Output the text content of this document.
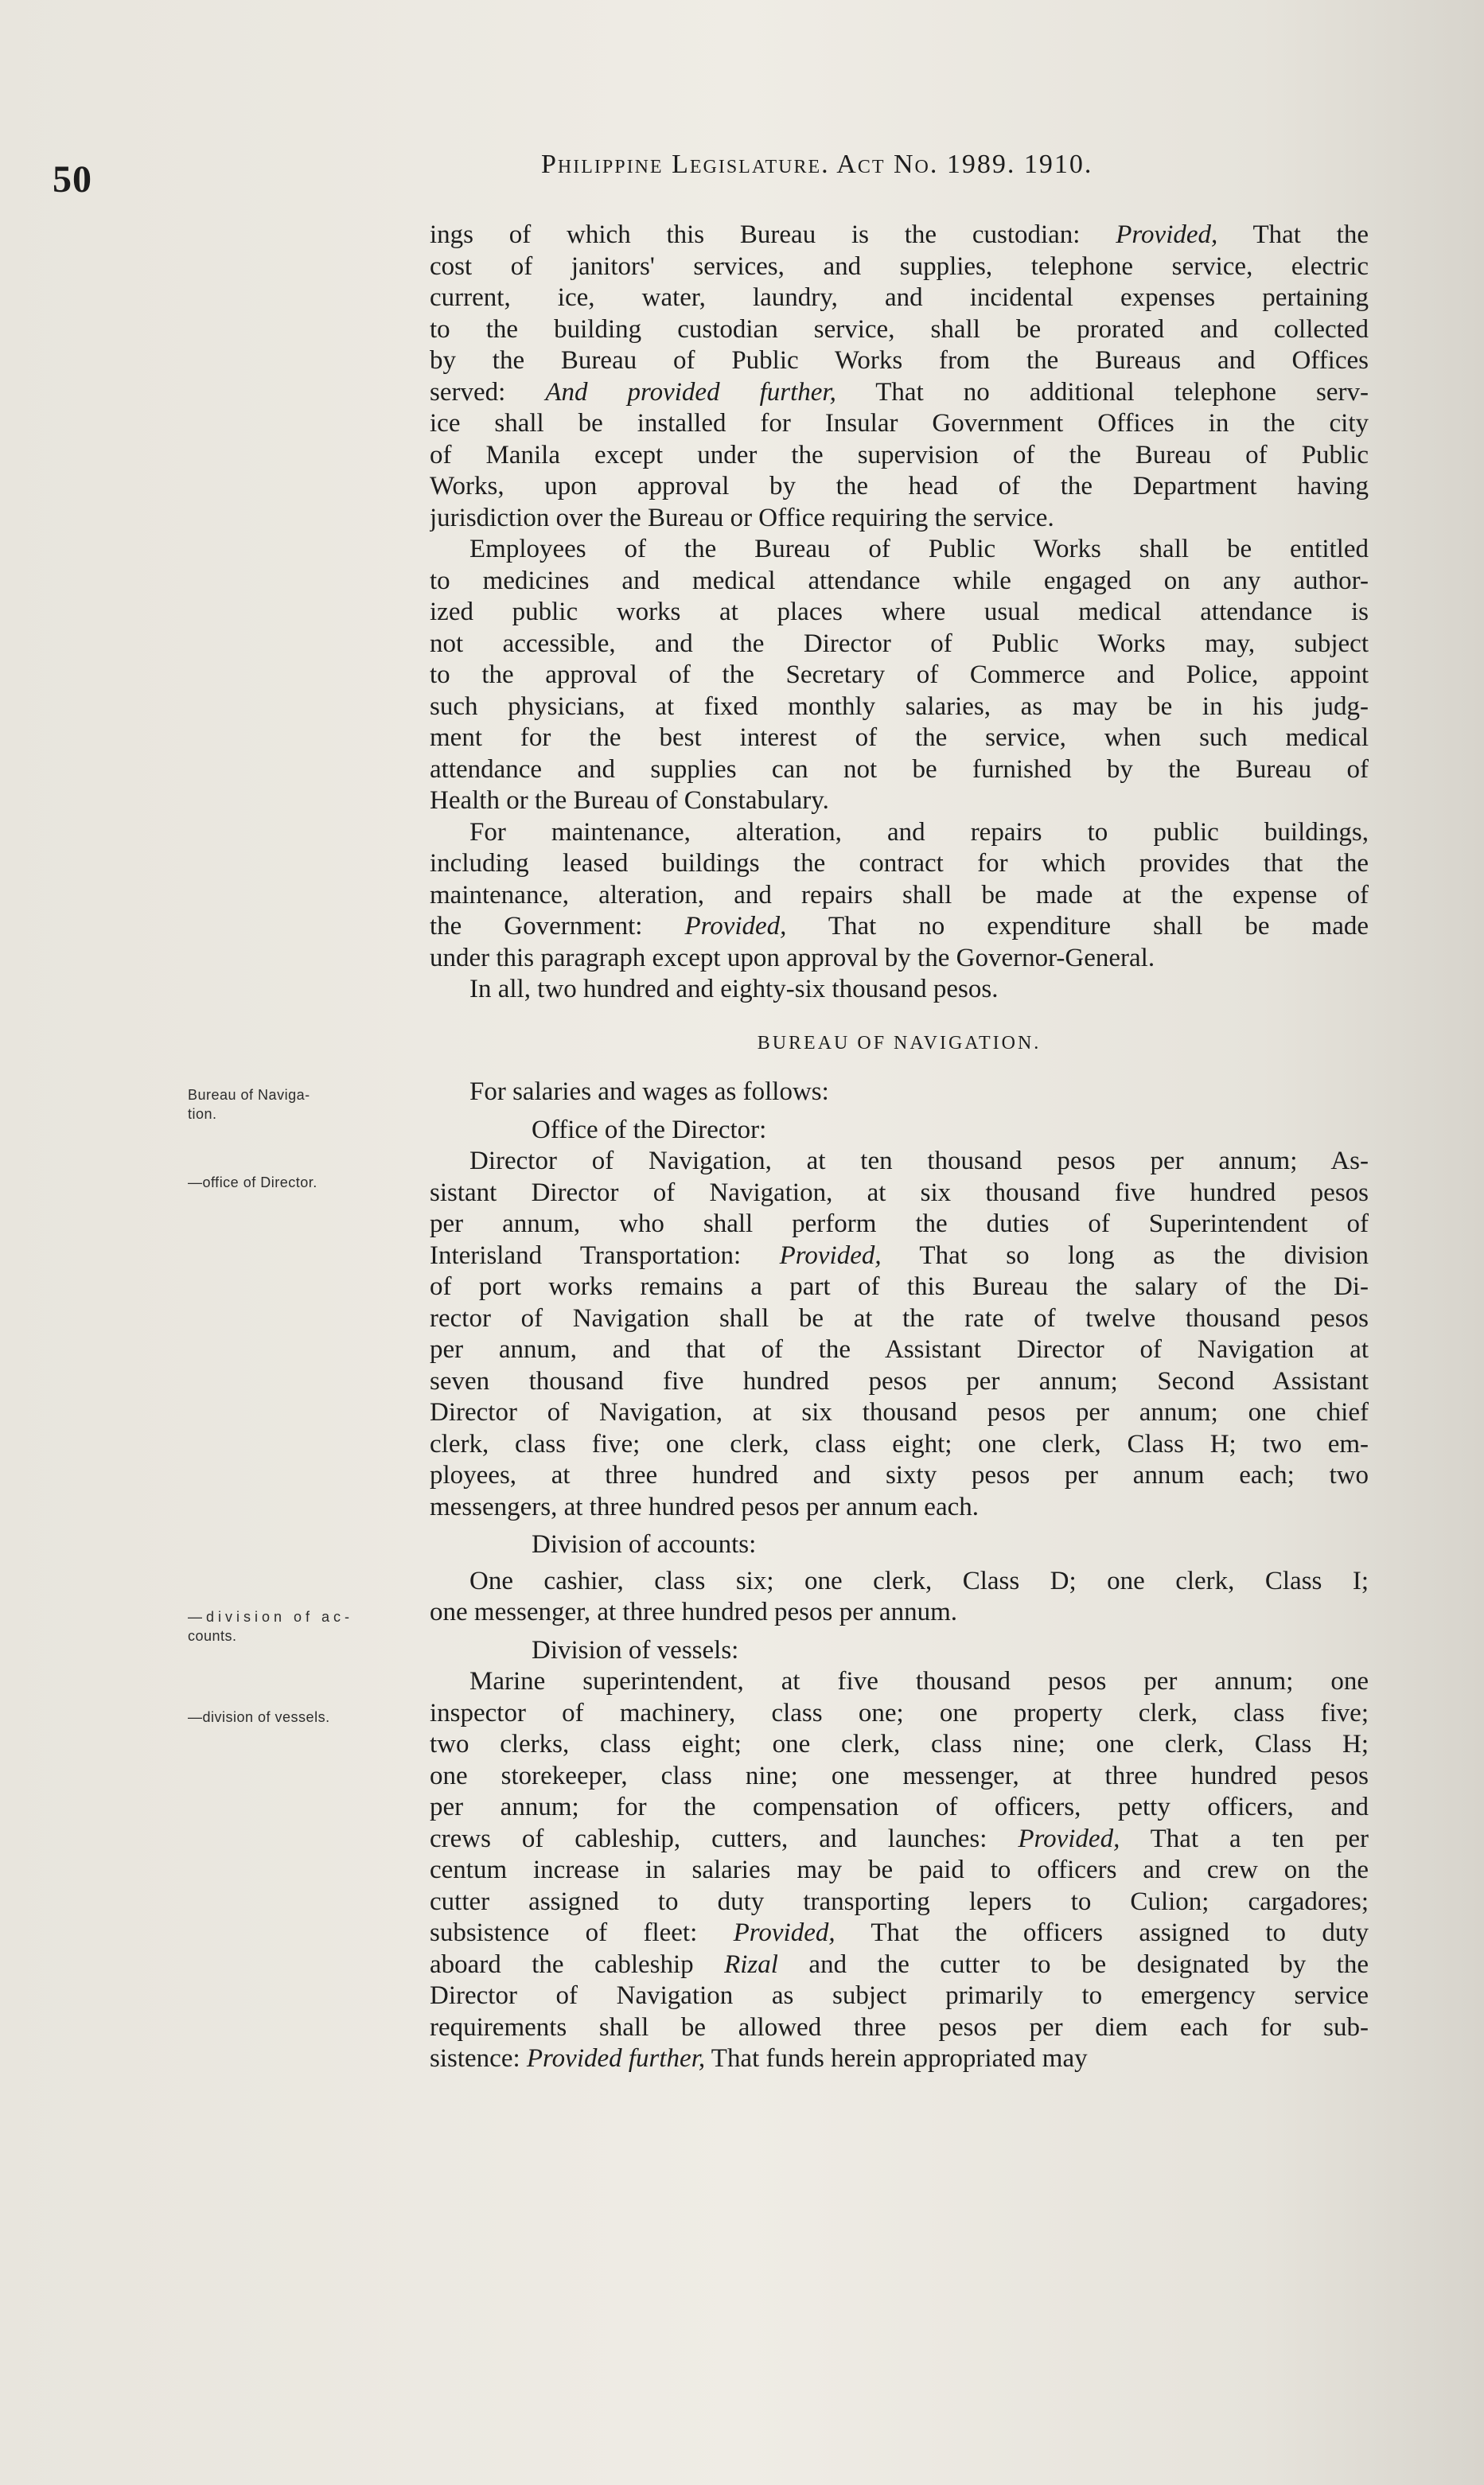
50	Philippine Legislature. Act No. 1989. 1910.
Bureau of Naviga-
tion.
—office of Director.
—division of ac-
counts.
—division of vessels.
ings of which this Bureau is the custodian: Provided, That the
cost of janitors' services, and supplies, telephone service, electric
current, ice, water, laundry, and incidental expenses pertaining
to the building custodian service, shall be prorated and collected
by the Bureau of Public Works from the Bureaus and Offices
served: And provided further, That no additional telephone serv-
ice shall be installed for Insular Government Offices in the city
of Manila except under the supervision of the Bureau of Public
Works, upon approval by the head of the Department having
jurisdiction over the Bureau or Office requiring the service.
Employees of the Bureau of Public Works shall be entitled
to medicines and medical attendance while engaged on any author-
ized public works at places where usual medical attendance is
not accessible, and the Director of Public Works may, subject
to the approval of the Secretary of Commerce and Police, appoint
such physicians, at fixed monthly salaries, as may be in his judg-
ment for the best interest of the service, when such medical
attendance and supplies can not be furnished by the Bureau of
Health or the Bureau of Constabulary.
For maintenance, alteration, and repairs to public buildings,
including leased buildings the contract for which provides that the
maintenance, alteration, and repairs shall be made at the expense of
the Government: Provided, That no expenditure shall be made
under this paragraph except upon approval by the Governor-General.
In all, two hundred and eighty-six thousand pesos.
BUREAU OF NAVIGATION.
For salaries and wages as follows:
Office of the Director:
Director of Navigation, at ten thousand pesos per annum; As-
sistant Director of Navigation, at six thousand five hundred pesos
per annum, who shall perform the duties of Superintendent of
Interisland Transportation: Provided, That so long as the division
of port works remains a part of this Bureau the salary of the Di-
rector of Navigation shall be at the rate of twelve thousand pesos
per annum, and that of the Assistant Director of Navigation at
seven thousand five hundred pesos per annum; Second Assistant
Director of Navigation, at six thousand pesos per annum; one chief
clerk, class five; one clerk, class eight; one clerk, Class H; two em-
ployees, at three hundred and sixty pesos per annum each; two
messengers, at three hundred pesos per annum each.
Division of accounts:
One cashier, class six; one clerk, Class D; one clerk, Class I;
one messenger, at three hundred pesos per annum.
Division of vessels:
Marine superintendent, at five thousand pesos per annum; one
inspector of machinery, class one; one property clerk, class five;
two clerks, class eight; one clerk, class nine; one clerk, Class H;
one storekeeper, class nine; one messenger, at three hundred pesos
per annum; for the compensation of officers, petty officers, and
crews of cableship, cutters, and launches: Provided, That a ten per
centum increase in salaries may be paid to officers and crew on the
cutter assigned to duty transporting lepers to Culion; cargadores;
subsistence of fleet: Provided, That the officers assigned to duty
aboard the cableship Rizal and the cutter to be designated by the
Director of Navigation as subject primarily to emergency service
requirements shall be allowed three pesos per diem each for sub-
sistence: Provided further, That funds herein appropriated may
